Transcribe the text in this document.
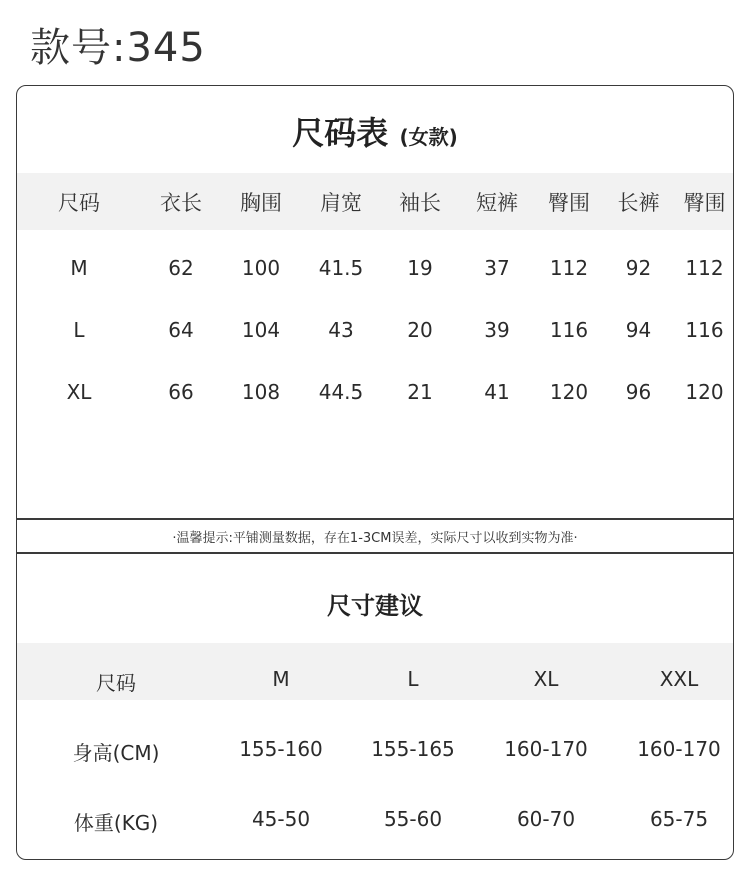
款号:345
尺码表 (女款)
尺码	衣长	胸围	肩宽	袖长	短裤	臀围	长裤	臀围
M	62	100	41.5	19	37	112	92	112
L	64	104	43	20	39	116	94	116
XL	66	108	44.5	21	41	120	96	120
·温馨提示:平铺测量数据，存在1-3CM误差，实际尺寸以收到实物为准·
尺寸建议
尺码	M	L	XL	XXL
身高(CM)	155-160	155-165	160-170	160-170
体重(KG)	45-50	55-60	60-70	65-75
